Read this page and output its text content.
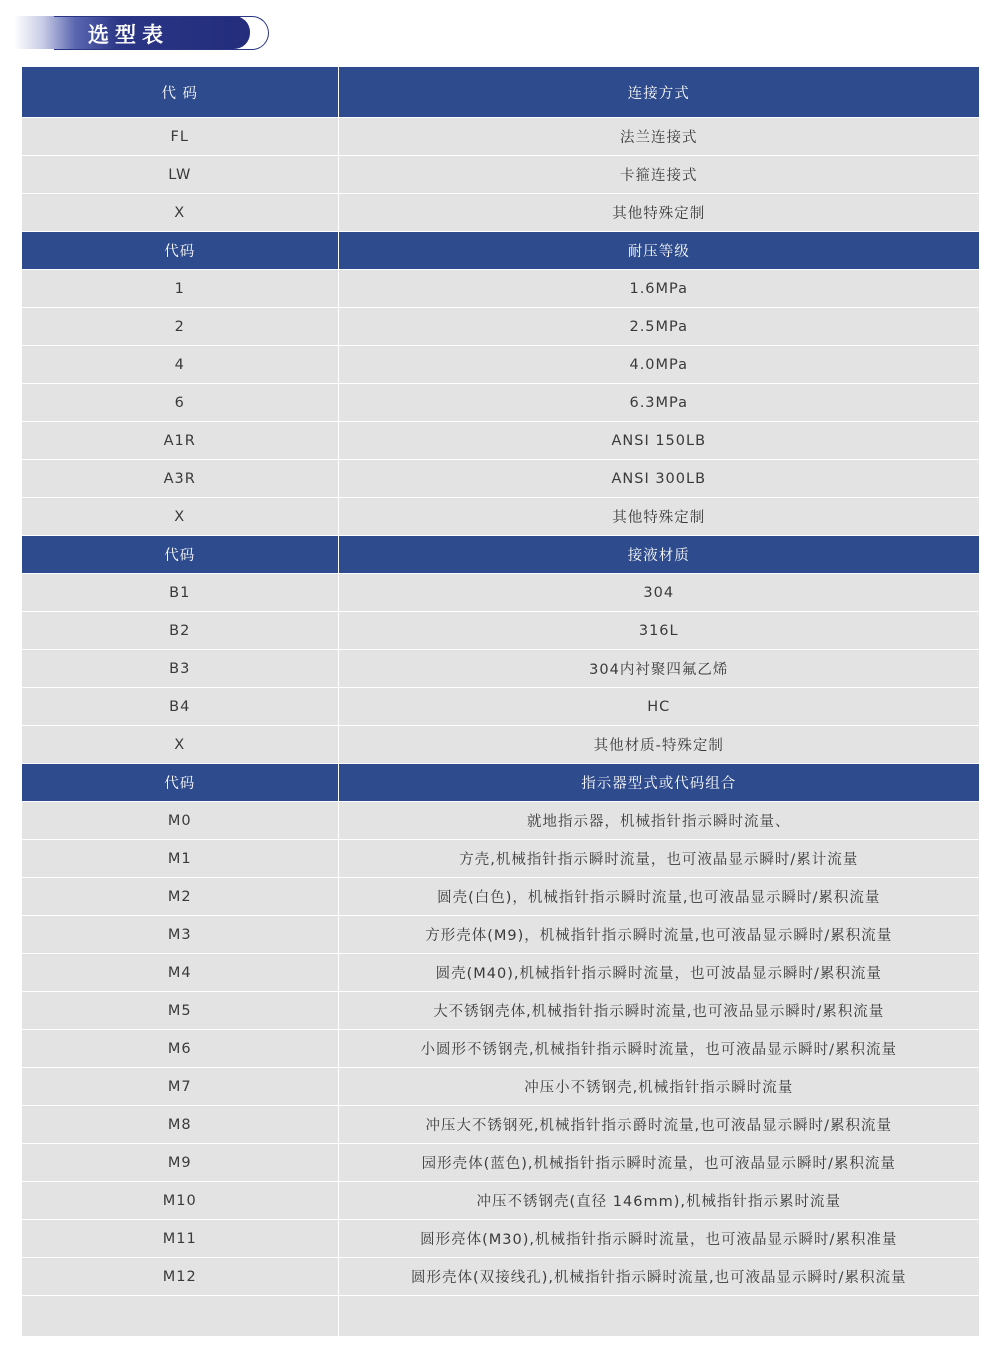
选型表
代 码	连接方式
FL	法兰连接式
LW	卡箍连接式
X	其他特殊定制
代码	耐压等级
1	1.6MPa
2	2.5MPa
4	4.0MPa
6	6.3MPa
A1R	ANSI 150LB
A3R	ANSI 300LB
X	其他特殊定制
代码	接液材质
B1	304
B2	316L
B3	304内衬聚四氟乙烯
B4	HC
X	其他材质-特殊定制
代码	指示器型式或代码组合
M0	就地指示器，机械指针指示瞬时流量、
M1	方壳,机械指针指示瞬时流量，也可液晶显示瞬时/累计流量
M2	圆壳(白色)，机械指针指示瞬时流量,也可液晶显示瞬时/累积流量
M3	方形壳体(M9)，机械指针指示瞬时流量,也可液晶显示瞬时/累积流量
M4	圆壳(M40),机械指针指示瞬时流量，也可波晶显示瞬时/累积流量
M5	大不锈钢壳体,机械指针指示瞬时流量,也可液品显示瞬时/累积流量
M6	小圆形不锈钢壳,机械指针指示瞬时流量，也可液晶显示瞬时/累积流量
M7	冲压小不锈钢壳,机械指针指示瞬时流量
M8	冲压大不锈钢死,机械指针指示爵时流量,也可液晶显示瞬时/累积流量
M9	园形壳体(蓝色),机械指针指示瞬时流量，也可液晶显示瞬时/累积流量
M10	冲压不锈钢壳(直径 146mm),机械指针指示累时流量
M11	圆形亮体(M30),机械指针指示瞬时流量，也可液晶显示瞬时/累积准量
M12	圆形壳体(双接线孔),机械指针指示瞬时流量,也可液晶显示瞬时/累积流量
